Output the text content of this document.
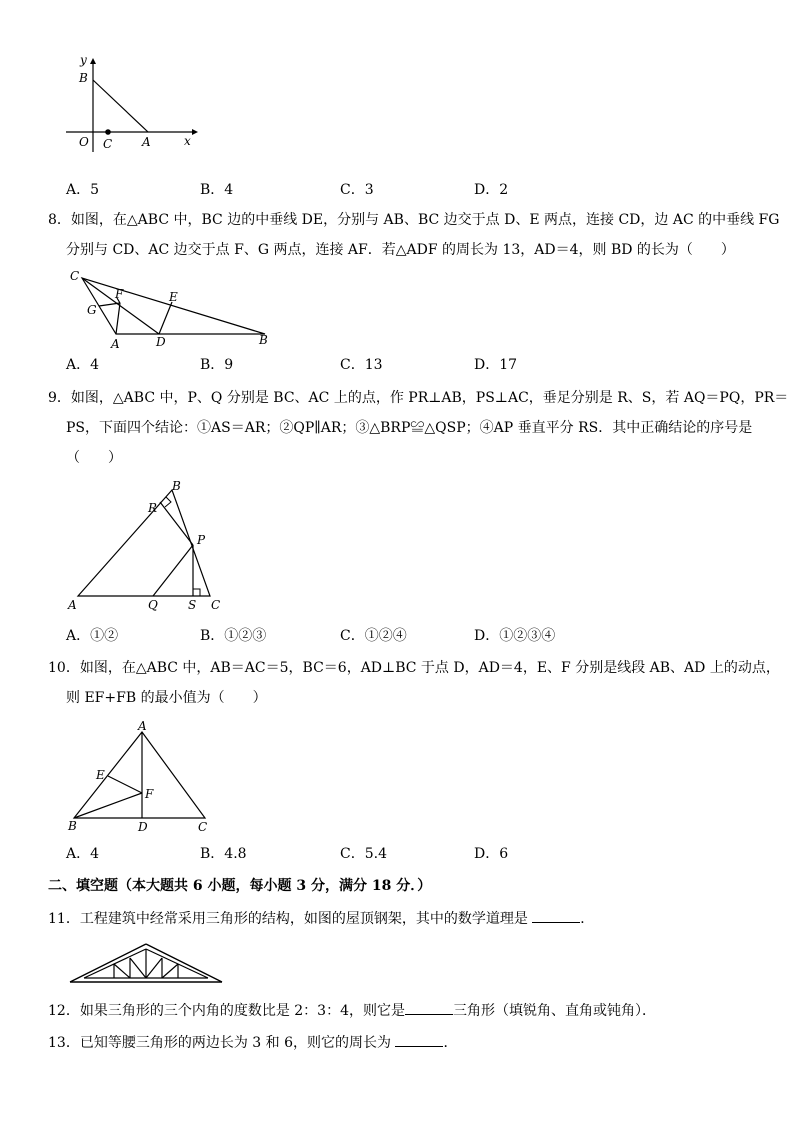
x
y
B
O C A
A．5	B．4	C．3	D．2
8．如图，在△ABC 中，BC 边的中垂线 DE，分别与 AB、BC 边交于点 D、E 两点，连接 CD，边 AC 的中垂线 FG
分别与 CD、AC 边交于点 F、G 两点，连接 AF．若△ADF 的周长为 13，AD＝4，则 BD 的长为（　　）
C
G
F	E
A	D	B
A．4	B．9	C．13	D．17
9．如图，△ABC 中，P、Q 分别是 BC、AC 上的点，作 PR⊥AB，PS⊥AC，垂足分别是 R、S，若 AQ＝PQ，PR＝
PS，下面四个结论：①AS＝AR；②QP∥AR；③△BRP≌△QSP；④AP 垂直平分 RS．其中正确结论的序号是
（　　）
B
R
P
A	Q	S C
A．①②	B．①②③	C．①②④	D．①②③④
10．如图，在△ABC 中，AB＝AC＝5，BC＝6，AD⊥BC 于点 D，AD＝4，E、F 分别是线段 AB、AD 上的动点，
则 EF+FB 的最小值为（　　）
A
E
F
B	D	C
A．4	B．4.8	C．5.4	D．6
二、填空题（本大题共 6 小题，每小题 3 分，满分 18 分．）
11．工程建筑中经常采用三角形的结构，如图的屋顶钢架，其中的数学道理是	．
12．如果三角形的三个内角的度数比是 2：3：4，则它是	三角形（填锐角、直角或钝角）．
13．已知等腰三角形的两边长为 3 和 6，则它的周长为	．
